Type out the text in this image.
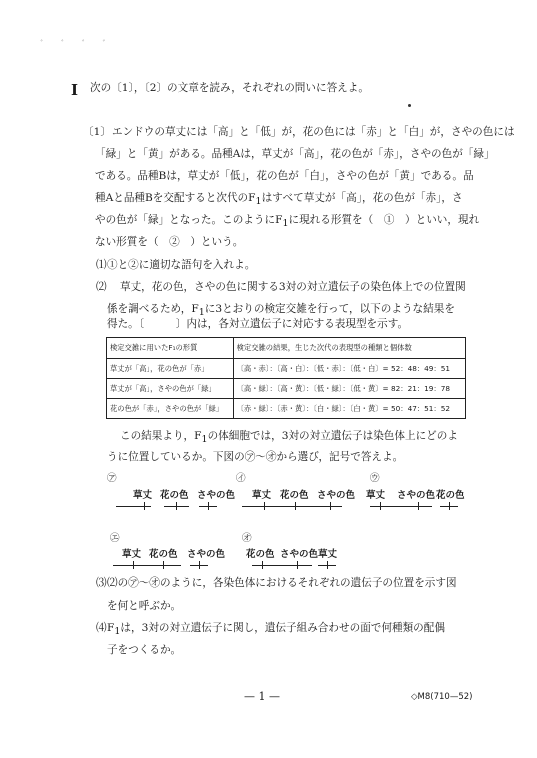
ﾞ ﾞ ﾞ ﾞ
I 次の〔1〕，〔2〕の文章を読み，それぞれの問いに答えよ。
〔1〕 エンドウの草丈には「高」と「低」が，花の色には「赤」と「白」が，さやの色には
「緑」と「黄」がある。品種Aは，草丈が「高」，花の色が「赤」，さやの色が「緑」
である。品種Bは，草丈が「低」，花の色が「白」，さやの色が「黄」である。品
種Aと品種Bを交配すると次代の$F_1$はすべて草丈が「高」，花の色が「赤」，さ
やの色が「緑」となった。このように$F_1$に現れる形質を（　①　）といい，現れ
ない形質を（　②　）という。
⑴ ①と②に適切な語句を入れよ。
⑵ 草丈，花の色，さやの色に関する3対の対立遺伝子の染色体上での位置関
係を調べるため，$F_1$に3とおりの検定交雑を行って，以下のような結果を
得た。〔　　　〕内は，各対立遺伝子に対応する表現型を示す。
検定交雑に用いたF₁の形質	検定交雑の結果，生じた次代の表現型の種類と個体数
草丈が「高」，花の色が「赤」	〔高・赤〕：〔高・白〕：〔低・赤〕：〔低・白〕= 52：48：49：51
草丈が「高」，さやの色が「緑」	〔高・緑〕：〔高・黄〕：〔低・緑〕：〔低・黄〕= 82：21：19：78
花の色が「赤」，さやの色が「緑」	〔赤・緑〕：〔赤・黄〕：〔白・緑〕：〔白・黄〕= 50：47：51：52
この結果より，$F_1$の体細胞では，3対の対立遺伝子は染色体上にどのよ
うに位置しているか。下図の㋐〜㋔から選び，記号で答えよ。
㋐
草丈 花の色 さやの色
㋑
草丈 花の色 さやの色
㋒
草丈 さやの色 花の色
㋓
草丈 花の色 さやの色
㋔
花の色 さやの色 草丈
⑶ ⑵の㋐〜㋔のように，各染色体におけるそれぞれの遺伝子の位置を示す図
を何と呼ぶか。
⑷ $F_1$は，3対の対立遺伝子に関し，遺伝子組み合わせの面で何種類の配偶
子をつくるか。
— 1 —	◇M8(710—52)
